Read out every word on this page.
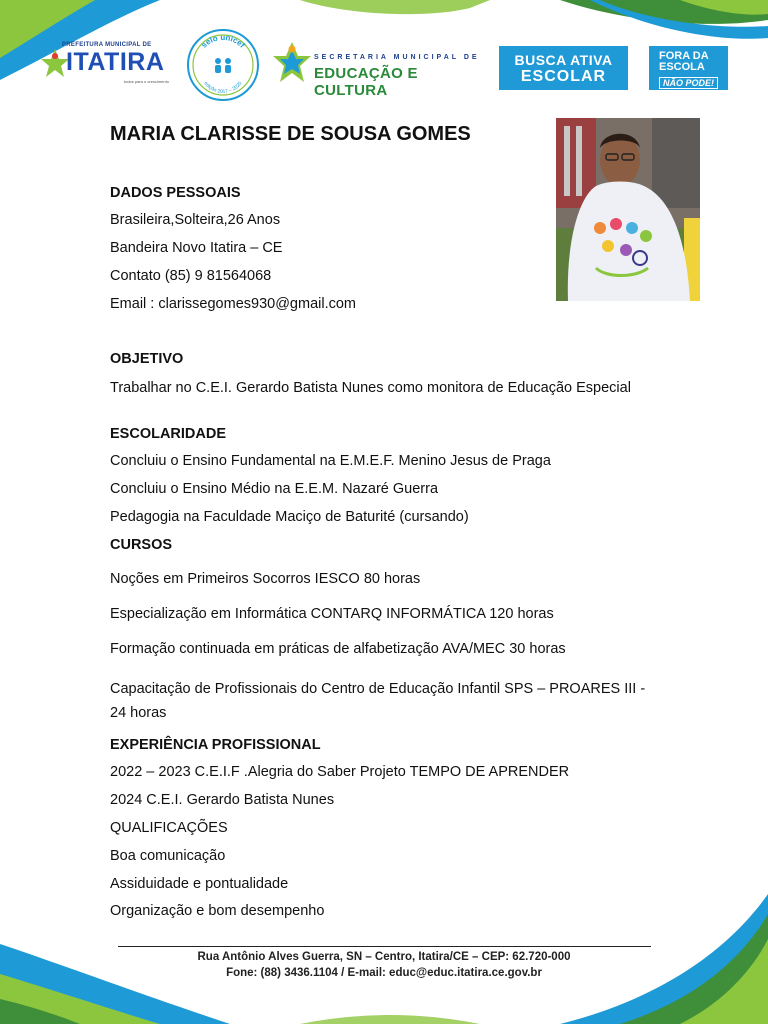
PREFEITURA MUNICIPAL DE
ITATIRA
todos para o crescimento
selo unicef
edição 2017 – 2020
SECRETARIA MUNICIPAL DE
EDUCAÇÃO E CULTURA
BUSCA ATIVA
ESCOLAR
FORA DA
ESCOLA
NÃO PODE!
MARIA CLARISSE DE SOUSA GOMES
DADOS PESSOAIS

Brasileira,Solteira,26 Anos

Bandeira Novo Itatira – CE

Contato (85) 9 81564068

Email : clarissegomes930@gmail.com

OBJETIVO

Trabalhar no C.E.I. Gerardo Batista Nunes como monitora de Educação Especial

ESCOLARIDADE

Concluiu o Ensino Fundamental na E.M.E.F. Menino Jesus de Praga

Concluiu o Ensino Médio na E.E.M. Nazaré Guerra

Pedagogia na Faculdade Maciço de Baturité (cursando)

CURSOS

Noções em Primeiros Socorros IESCO 80 horas

Especialização em Informática CONTARQ INFORMÁTICA 120 horas

Formação continuada em práticas de alfabetização AVA/MEC 30 horas

Capacitação de Profissionais do Centro de Educação Infantil SPS – PROARES III - 24 horas

EXPERIÊNCIA PROFISSIONAL

2022 – 2023 C.E.I.F .Alegria do Saber Projeto TEMPO DE APRENDER

2024 C.E.I. Gerardo Batista Nunes

QUALIFICAÇÕES

Boa comunicação

Assiduidade e pontualidade

Organização e bom desempenho

Rua Antônio Alves Guerra, SN – Centro, Itatira/CE – CEP: 62.720-000
Fone: (88) 3436.1104 / E-mail: educ@educ.itatira.ce.gov.br
